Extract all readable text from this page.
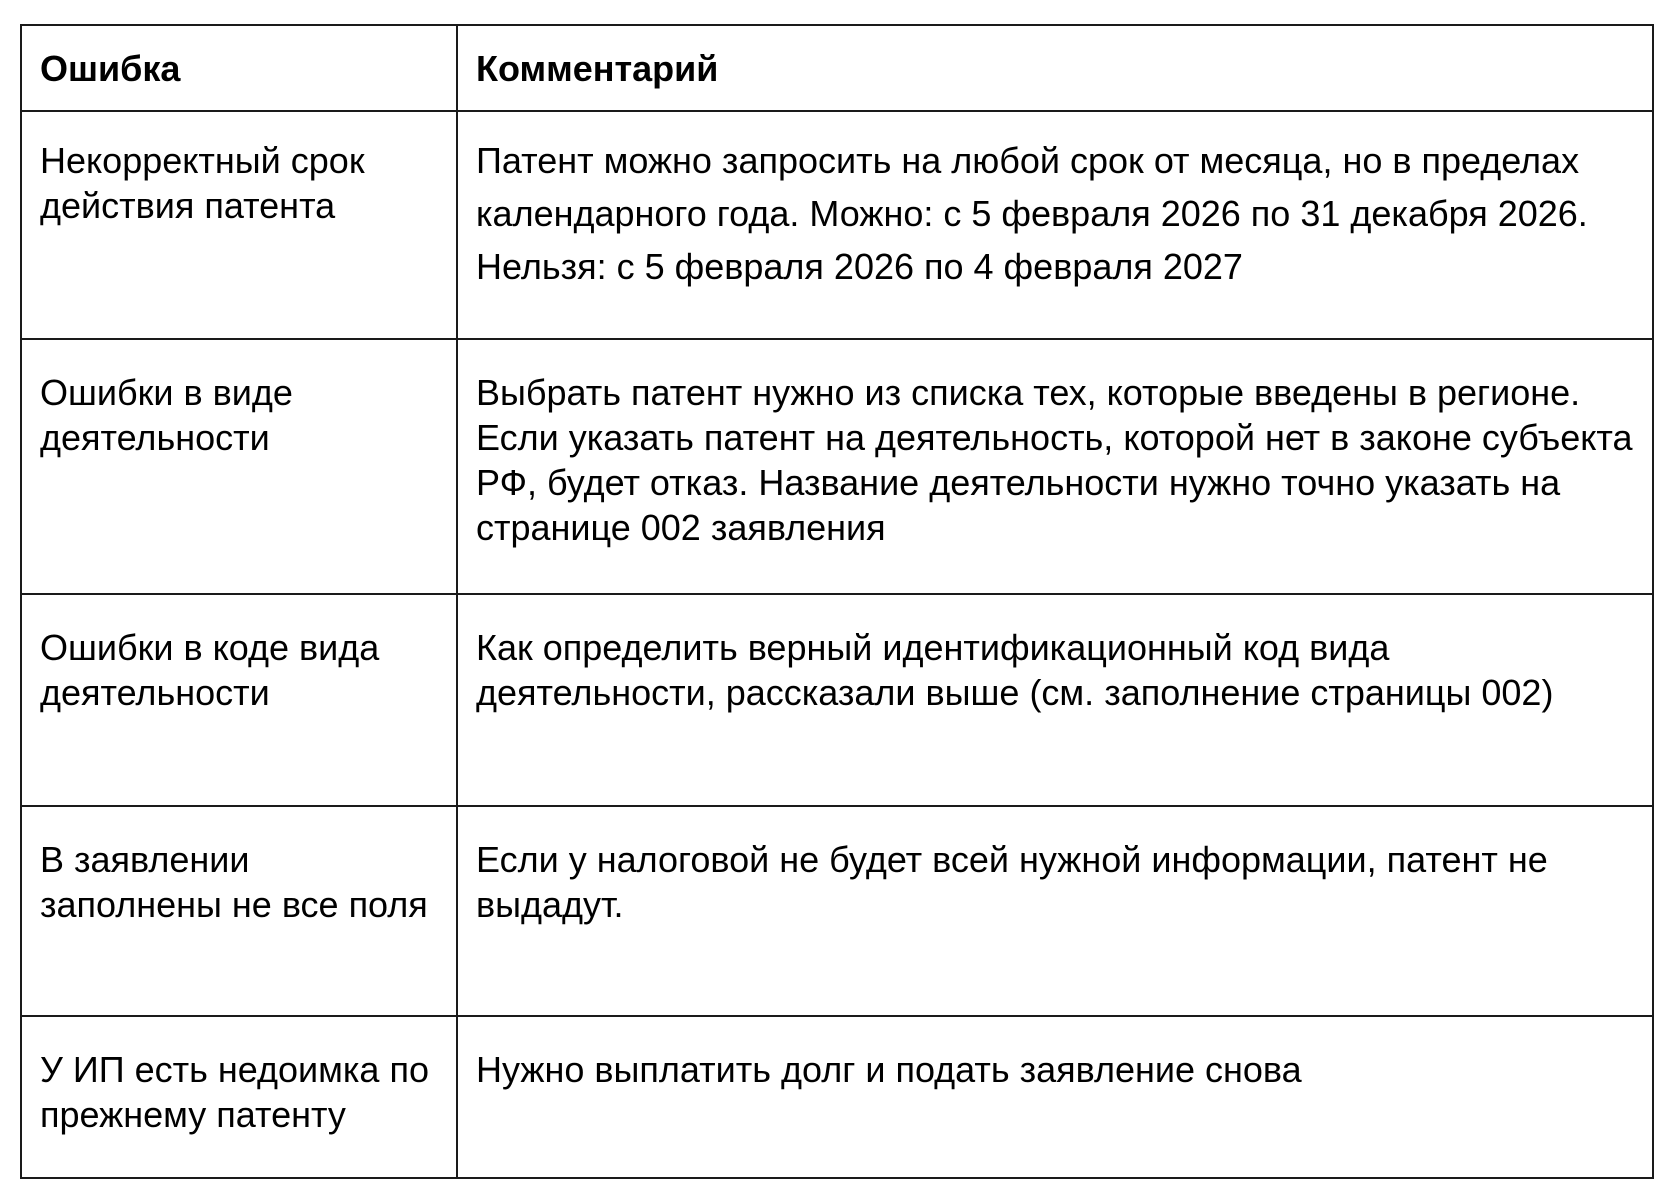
Ошибка	Комментарий
Некорректный срок действия патента	Патент можно запросить на любой срок от месяца, но в пределах календарного года. Можно: с 5 февраля 2026 по 31 декабря 2026. Нельзя: с 5 февраля 2026 по 4 февраля 2027
Ошибки в виде деятельности	Выбрать патент нужно из списка тех, которые введены в регионе. Если указать патент на деятельность, которой нет в законе субъекта РФ, будет отказ. Название деятельности нужно точно указать на странице 002 заявления
Ошибки в коде вида деятельности	Как определить верный идентификационный код вида деятельности, рассказали выше (см. заполнение страницы 002)
В заявлении заполнены не все поля	Если у налоговой не будет всей нужной информации, патент не выдадут.
У ИП есть недоимка по прежнему патенту	Нужно выплатить долг и подать заявление снова
